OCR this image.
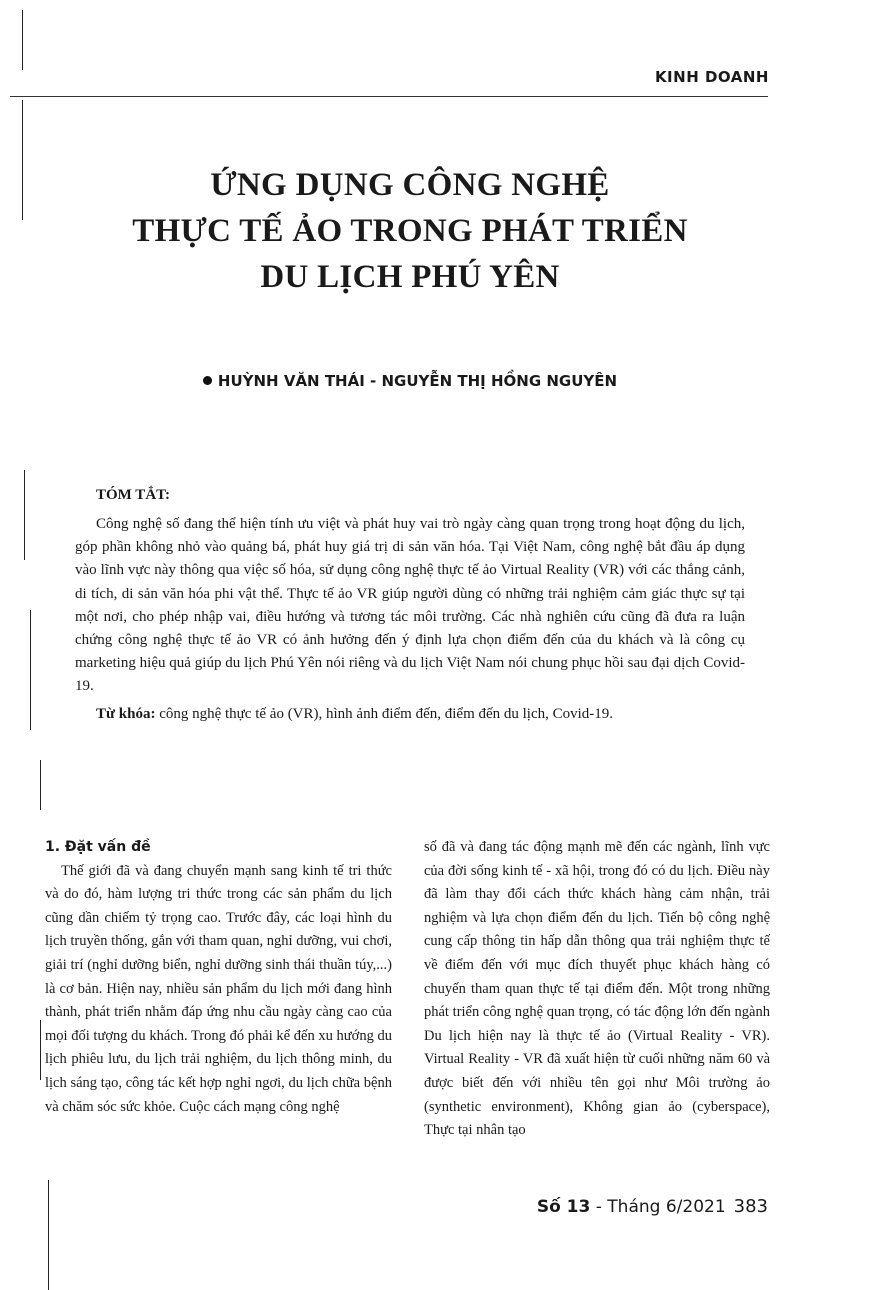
KINH DOANH
ỨNG DỤNG CÔNG NGHỆ
THỰC TẾ ẢO TRONG PHÁT TRIỂN
DU LỊCH PHÚ YÊN
HUỲNH VĂN THÁI - NGUYỄN THỊ HỒNG NGUYÊN
TÓM TẮT:
Công nghệ số đang thể hiện tính ưu việt và phát huy vai trò ngày càng quan trọng trong hoạt động du lịch, góp phần không nhỏ vào quảng bá, phát huy giá trị di sản văn hóa. Tại Việt Nam, công nghệ bắt đầu áp dụng vào lĩnh vực này thông qua việc số hóa, sử dụng công nghệ thực tế ảo Virtual Reality (VR) với các thắng cảnh, di tích, di sản văn hóa phi vật thể. Thực tế ảo VR giúp người dùng có những trải nghiệm cảm giác thực sự tại một nơi, cho phép nhập vai, điều hướng và tương tác môi trường. Các nhà nghiên cứu cũng đã đưa ra luận chứng công nghệ thực tế ảo VR có ảnh hưởng đến ý định lựa chọn điểm đến của du khách và là công cụ marketing hiệu quả giúp du lịch Phú Yên nói riêng và du lịch Việt Nam nói chung phục hồi sau đại dịch Covid-19.
Từ khóa: công nghệ thực tế ảo (VR), hình ảnh điểm đến, điểm đến du lịch, Covid-19.

1. Đặt vấn đề

Thế giới đã và đang chuyển mạnh sang kinh tế tri thức và do đó, hàm lượng tri thức trong các sản phẩm du lịch cũng dần chiếm tỷ trọng cao. Trước đây, các loại hình du lịch truyền thống, gắn với tham quan, nghỉ dưỡng, vui chơi, giải trí (nghỉ dưỡng biển, nghỉ dưỡng sinh thái thuần túy,...) là cơ bản. Hiện nay, nhiều sản phẩm du lịch mới đang hình thành, phát triển nhằm đáp ứng nhu cầu ngày càng cao của mọi đối tượng du khách. Trong đó phải kể đến xu hướng du lịch phiêu lưu, du lịch trải nghiệm, du lịch thông minh, du lịch sáng tạo, công tác kết hợp nghỉ ngơi, du lịch chữa bệnh và chăm sóc sức khỏe. Cuộc cách mạng công nghệ

số đã và đang tác động mạnh mẽ đến các ngành, lĩnh vực của đời sống kinh tế - xã hội, trong đó có du lịch. Điều này đã làm thay đổi cách thức khách hàng cảm nhận, trải nghiệm và lựa chọn điểm đến du lịch. Tiến bộ công nghệ cung cấp thông tin hấp dẫn thông qua trải nghiệm thực tế về điểm đến với mục đích thuyết phục khách hàng có chuyến tham quan thực tế tại điểm đến. Một trong những phát triển công nghệ quan trọng, có tác động lớn đến ngành Du lịch hiện nay là thực tế ảo (Virtual Reality - VR). Virtual Reality - VR đã xuất hiện từ cuối những năm 60 và được biết đến với nhiều tên gọi như Môi trường ảo (synthetic environment), Không gian ảo (cyberspace), Thực tại nhân tạo

Số 13 - Tháng 6/2021 383
